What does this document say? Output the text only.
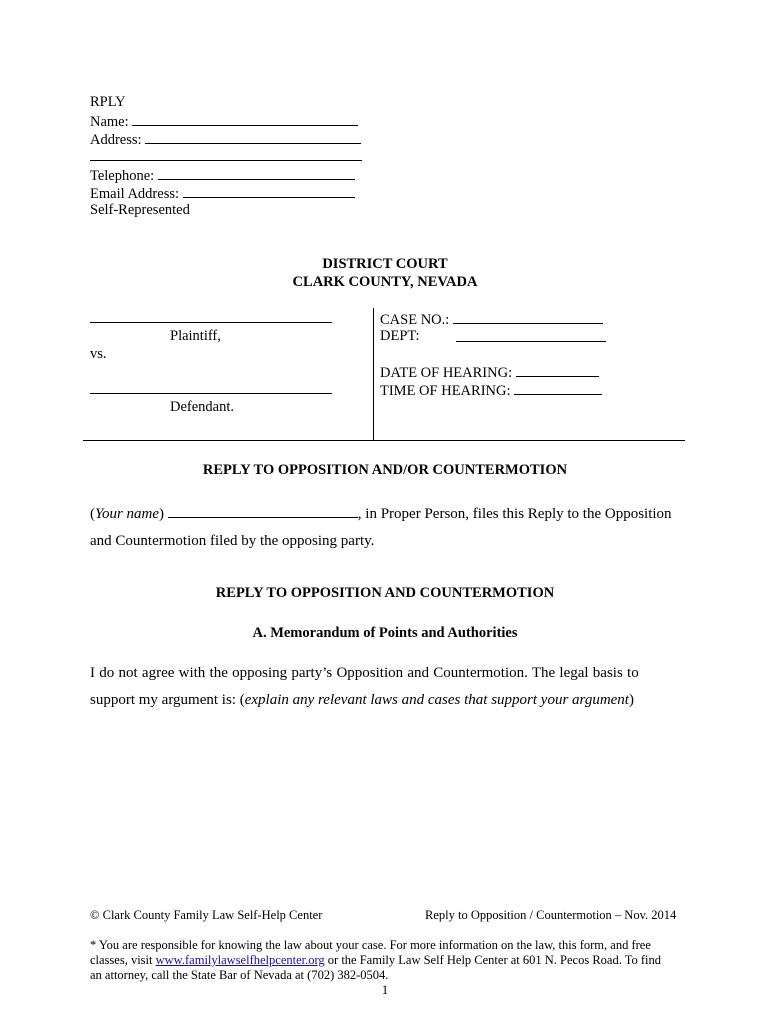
RPLY
Name:
Address:
Telephone:
Email Address:
Self-Represented
DISTRICT COURT
CLARK COUNTY, NEVADA
Plaintiff,
vs.
Defendant.
CASE NO.:
DEPT:
DATE OF HEARING:
TIME OF HEARING:
REPLY TO OPPOSITION AND/OR COUNTERMOTION
(Your name)	, in Proper Person, files this Reply to the Opposition
and Countermotion filed by the opposing party.
REPLY TO OPPOSITION AND COUNTERMOTION
A. Memorandum of Points and Authorities
I do not agree with the opposing party’s Opposition and Countermotion. The legal basis to
support my argument is: (explain any relevant laws and cases that support your argument)
© Clark County Family Law Self-Help Center	Reply to Opposition / Countermotion – Nov. 2014
* You are responsible for knowing the law about your case. For more information on the law, this form, and free
classes, visit www.familylawselfhelpcenter.org or the Family Law Self Help Center at 601 N. Pecos Road. To find
an attorney, call the State Bar of Nevada at (702) 382-0504.
1
